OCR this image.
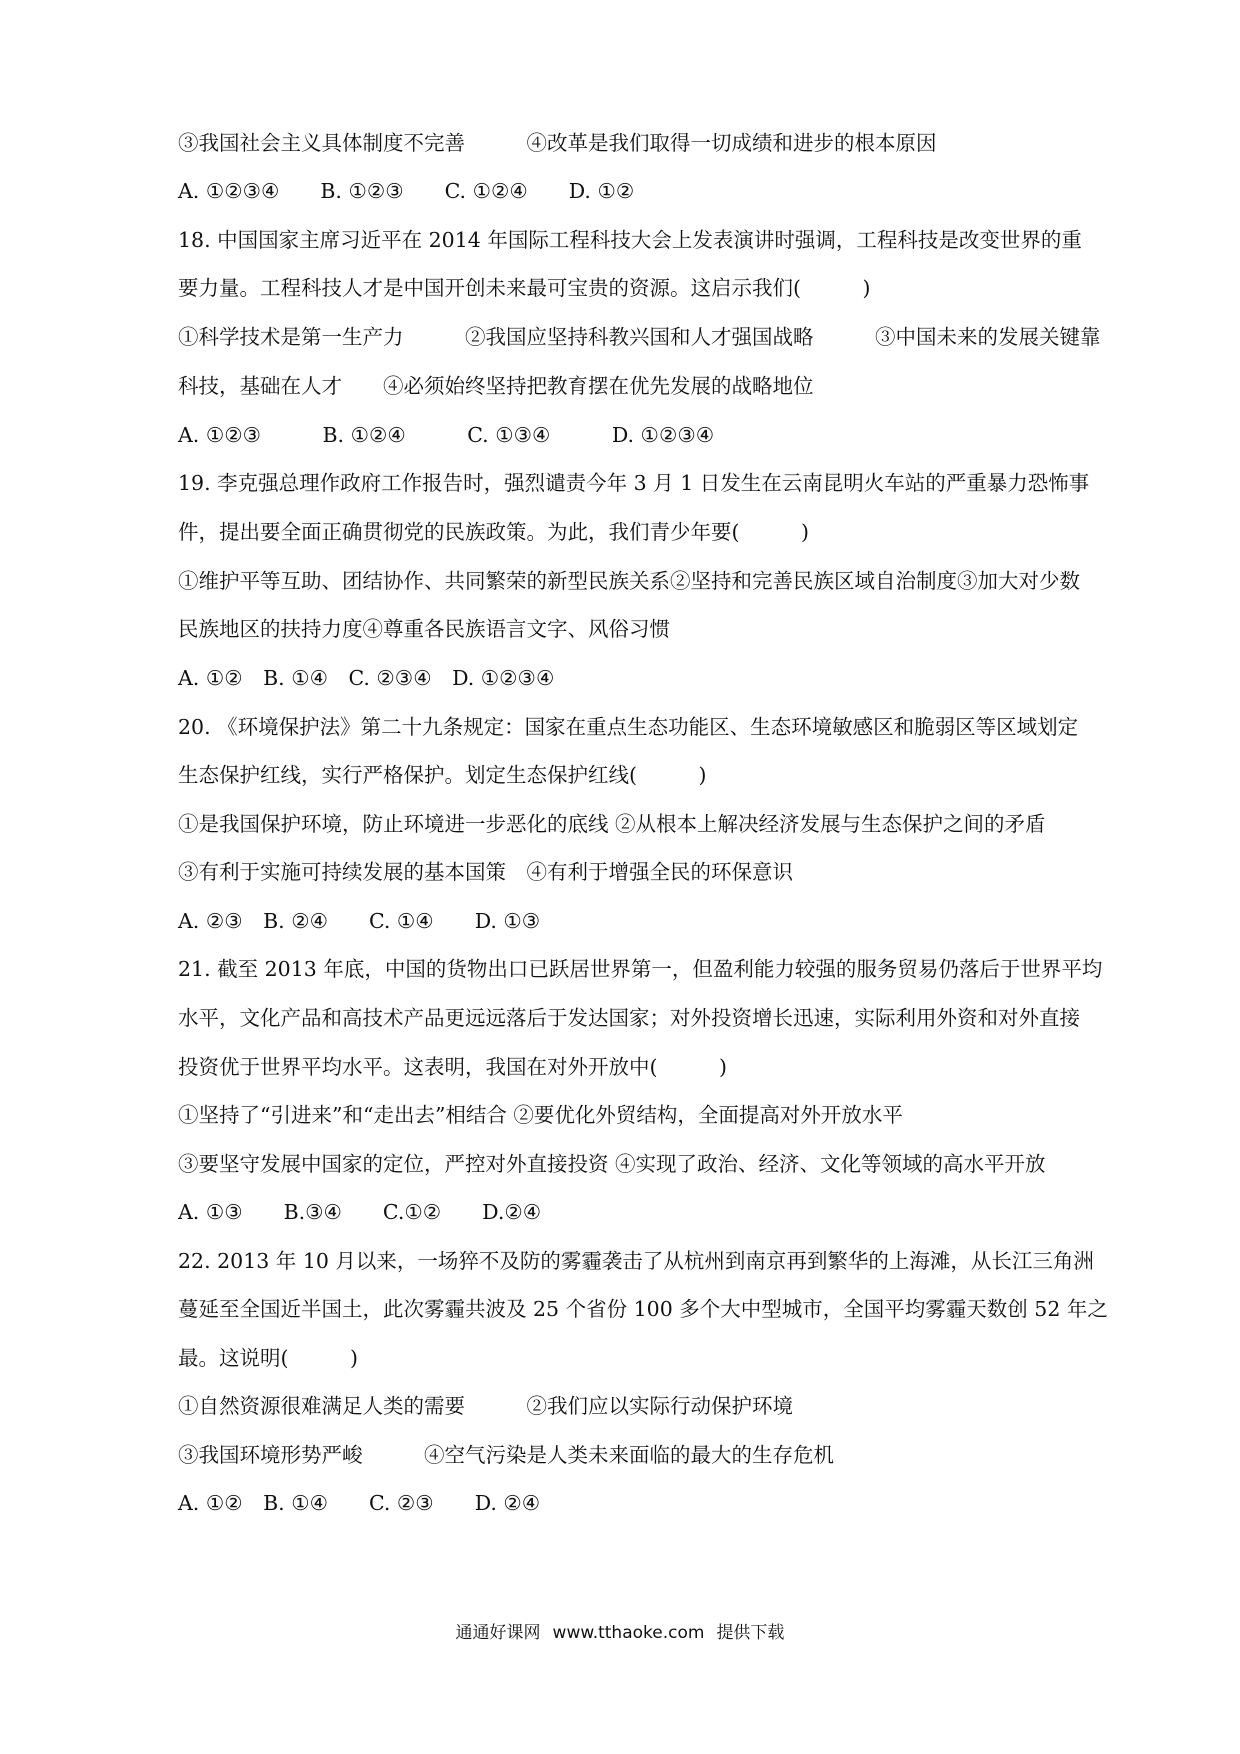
③我国社会主义具体制度不完善　　　④改革是我们取得一切成绩和进步的根本原因
A. ①②③④　　B. ①②③　　C. ①②④　　D. ①②
18. 中国国家主席习近平在 2014 年国际工程科技大会上发表演讲时强调，工程科技是改变世界的重
要力量。工程科技人才是中国开创未来最可宝贵的资源。这启示我们(　　　)
①科学技术是第一生产力　　　②我国应坚持科教兴国和人才强国战略　　　③中国未来的发展关键靠
科技，基础在人才　　④必须始终坚持把教育摆在优先发展的战略地位
A. ①②③　　　B. ①②④　　　C. ①③④　　　D. ①②③④
19. 李克强总理作政府工作报告时，强烈谴责今年 3 月 1 日发生在云南昆明火车站的严重暴力恐怖事
件，提出要全面正确贯彻党的民族政策。为此，我们青少年要(　　　)
①维护平等互助、团结协作、共同繁荣的新型民族关系②坚持和完善民族区域自治制度③加大对少数
民族地区的扶持力度④尊重各民族语言文字、风俗习惯
A. ①②　B. ①④　C. ②③④　D. ①②③④
20. 《环境保护法》第二十九条规定：国家在重点生态功能区、生态环境敏感区和脆弱区等区域划定
生态保护红线，实行严格保护。划定生态保护红线(　　　)
①是我国保护环境，防止环境进一步恶化的底线 ②从根本上解决经济发展与生态保护之间的矛盾
③有利于实施可持续发展的基本国策　④有利于增强全民的环保意识
A. ②③　B. ②④　　C. ①④　　D. ①③
21. 截至 2013 年底，中国的货物出口已跃居世界第一，但盈利能力较强的服务贸易仍落后于世界平均
水平，文化产品和高技术产品更远远落后于发达国家；对外投资增长迅速，实际利用外资和对外直接
投资优于世界平均水平。这表明，我国在对外开放中(　　　)
①坚持了“引进来”和“走出去”相结合 ②要优化外贸结构，全面提高对外开放水平
③要坚守发展中国家的定位，严控对外直接投资 ④实现了政治、经济、文化等领域的高水平开放
A. ①③　　B.③④　　C.①②　　D.②④
22. 2013 年 10 月以来，一场猝不及防的雾霾袭击了从杭州到南京再到繁华的上海滩，从长江三角洲
蔓延至全国近半国土，此次雾霾共波及 25 个省份 100 多个大中型城市，全国平均雾霾天数创 52 年之
最。这说明(　　　)
①自然资源很难满足人类的需要　　　②我们应以实际行动保护环境
③我国环境形势严峻　　　④空气污染是人类未来面临的最大的生存危机
A. ①②　B. ①④　　C. ②③　　D. ②④
通通好课网 www.tthaoke.com 提供下载
